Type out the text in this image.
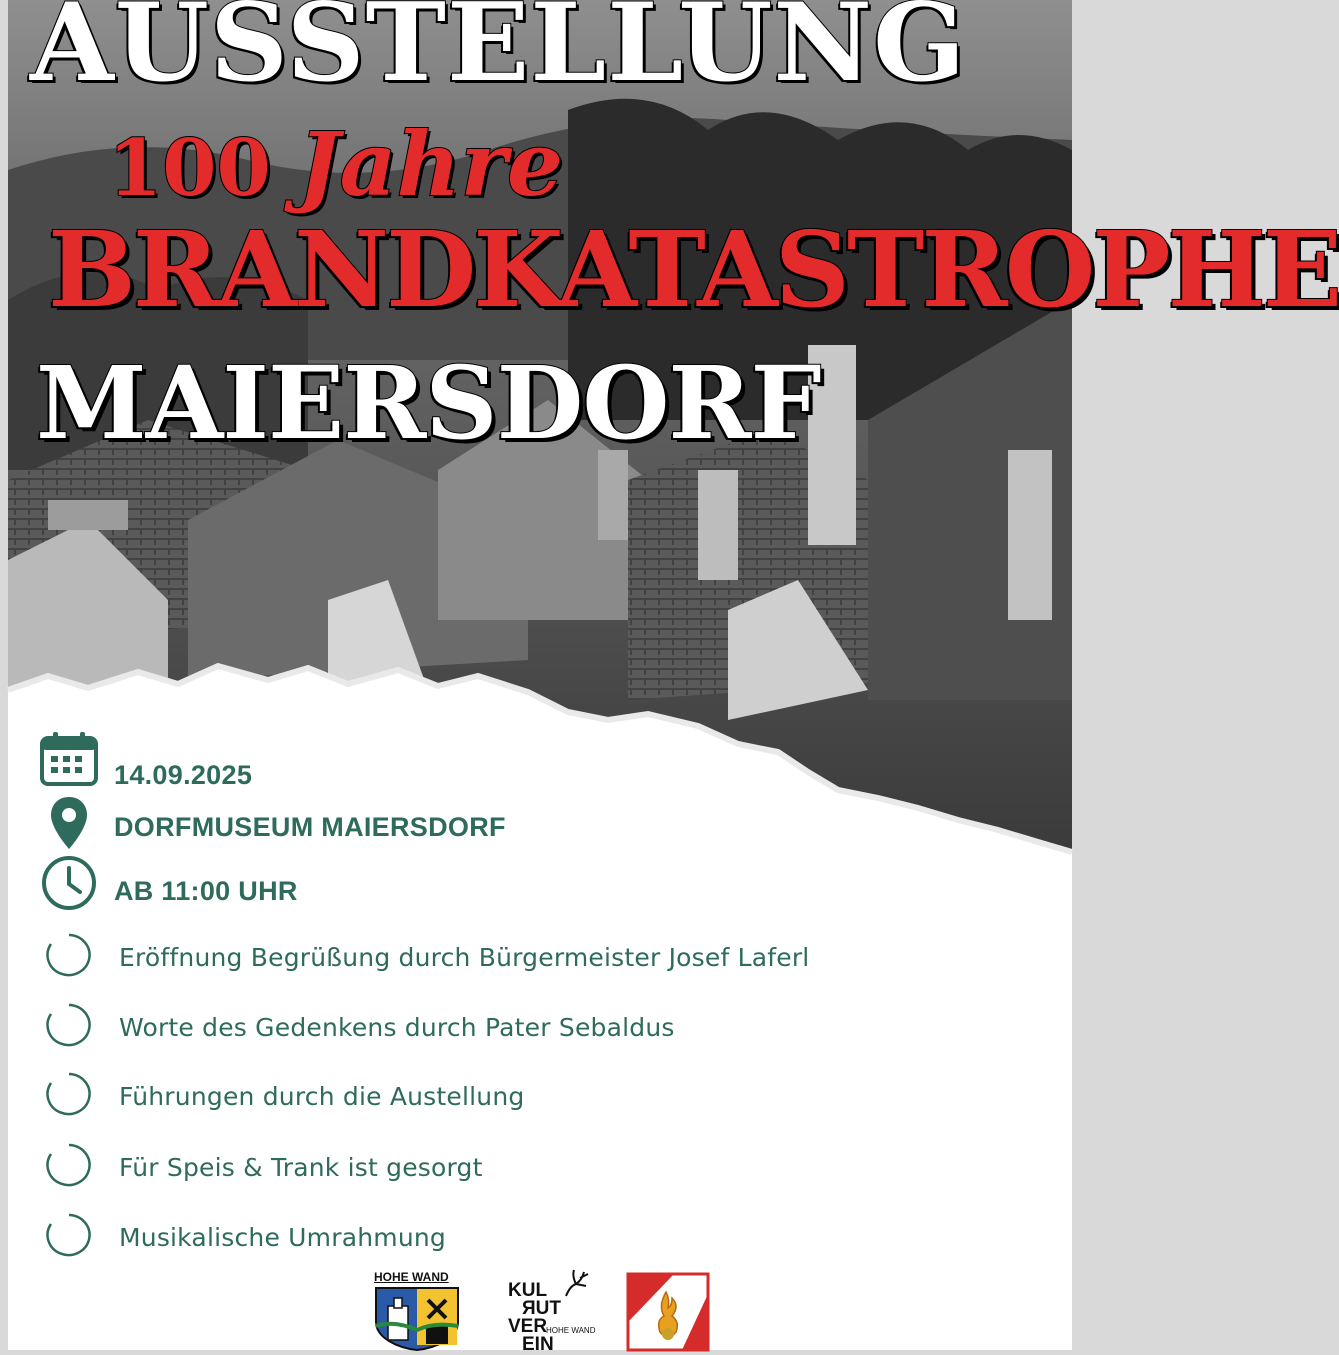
AUSSTELLUNG
100 Jahre
BRANDKATASTROPHE
MAIERSDORF
14.09.2025
DORFMUSEUM MAIERSDORF
AB 11:00 UHR
Eröffnung Begrüßung durch Bürgermeister Josef Laferl
Worte des Gedenkens durch Pater Sebaldus
Führungen durch die Austellung
Für Speis & Trank ist gesorgt
Musikalische Umrahmung
HOHE WAND
KUL
ЯUT
VER
EIN
HOHE WAND
